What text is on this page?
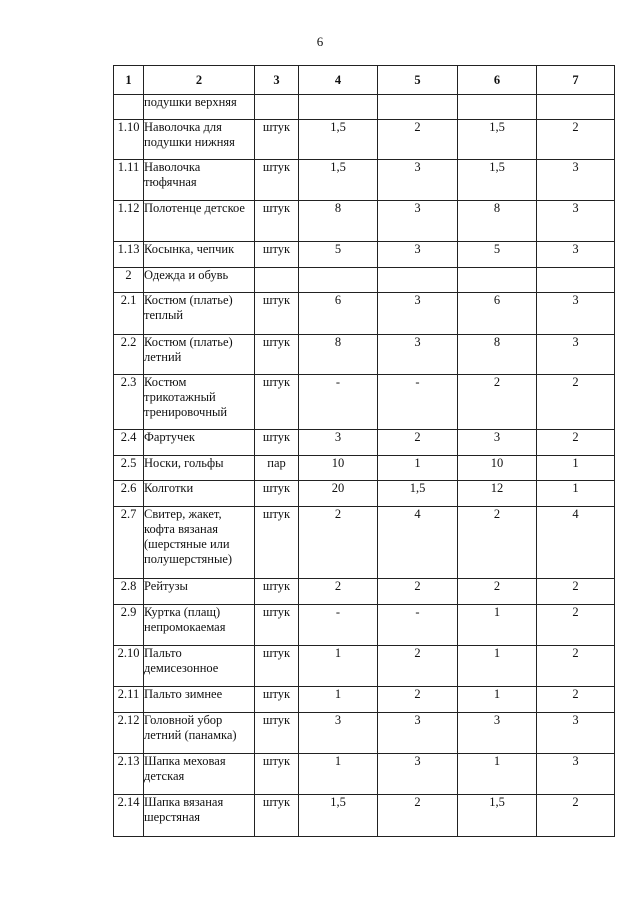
6
1	2	3	4	5	6	7
	подушки верхняя					
1.10	Наволочка для подушки нижняя	штук	1,5	2	1,5	2
1.11	Наволочка тюфячная	штук	1,5	3	1,5	3
1.12	Полотенце детское	штук	8	3	8	3
1.13	Косынка, чепчик	штук	5	3	5	3
2	Одежда и обувь					
2.1	Костюм (платье) теплый	штук	6	3	6	3
2.2	Костюм (платье) летний	штук	8	3	8	3
2.3	Костюм трикотажный тренировочный	штук	-	-	2	2
2.4	Фартучек	штук	3	2	3	2
2.5	Носки, гольфы	пар	10	1	10	1
2.6	Колготки	штук	20	1,5	12	1
2.7	Свитер, жакет, кофта вязаная (шерстяные или полушерстяные)	штук	2	4	2	4
2.8	Рейтузы	штук	2	2	2	2
2.9	Куртка (плащ) непромокаемая	штук	-	-	1	2
2.10	Пальто демисезонное	штук	1	2	1	2
2.11	Пальто зимнее	штук	1	2	1	2
2.12	Головной убор летний (панамка)	штук	3	3	3	3
2.13	Шапка меховая детская	штук	1	3	1	3
2.14	Шапка вязаная шерстяная	штук	1,5	2	1,5	2
